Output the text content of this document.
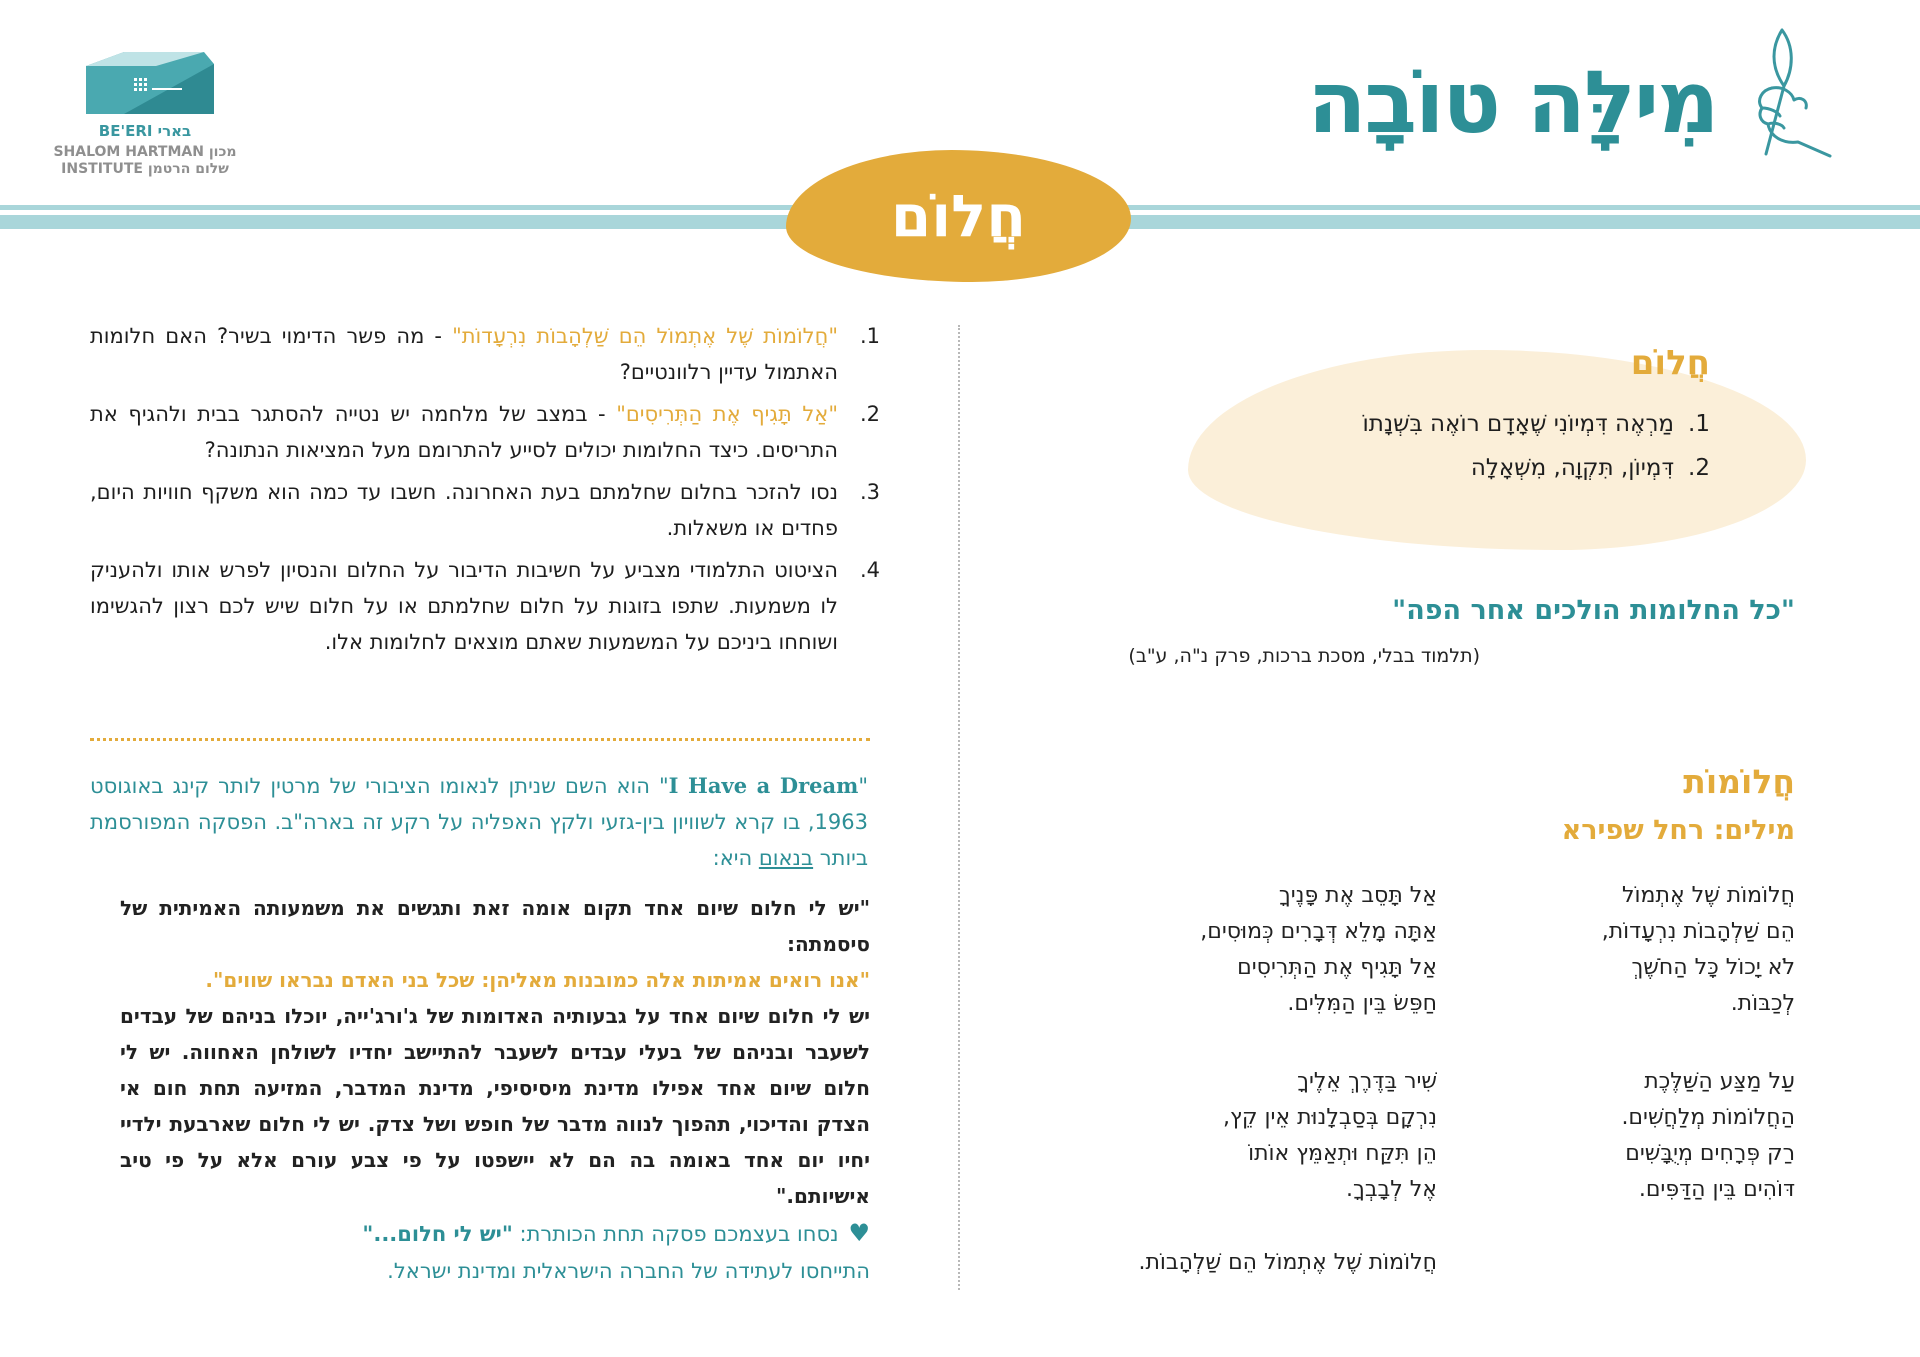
BE'ERI בארי
SHALOM HARTMAN מכון
INSTITUTE שלום הרטמן
מִילָּה טוֹבָה
חֲלוֹם
חֲלוֹם
1.
מַרְאֶה דִּמְיוֹנִי שֶׁאָדָם רוֹאֶה בִּשְׁנָתוֹ
2.
דִּמְיוֹן, תִּקְוָה, מִשְׁאָלָה
"כל החלומות הולכים אחר הפה"
(תלמוד בבלי, מסכת ברכות, פרק נ"ה, ע"ב)
חֲלוֹמוֹת
מילים: רחל שפירא
חֲלוֹמוֹת שֶׁל אֶתְמוֹל
הֵם שַׁלְהָבוֹת נִרְעָדוֹת,
לֹא יָכוֹל כָּל הַחֹשֶׁךְ
לְכַבּוֹת.
עַל מַצַּע הַשַּׁלֶּכֶת
הַחֲלוֹמוֹת מְלַחֲשִׁים.
רַק פְּרָחִים מְיֻבָּשִׁים
דּוֹהִים בֵּין הַדַּפִּים.
אַל תָּסֵב אֶת פָּנֶיךָ
אַתָּה מָלֵא דְּבָרִים כְּמוּסִים,
אַל תָּגִיף אֶת הַתְּרִיסִים
חַפֵּשׂ בֵּין הַמִּלִּים.
שִׁיר בַּדֶּרֶךְ אֵלֶיךָ
נִרְקָם בְּסַבְלָנוּת אֵין קֵץ,
הֵן תִּקַּח וּתְאַמֵּץ אוֹתוֹ
אֶל לְבָבְךָ.
חֲלוֹמוֹת שֶׁל אֶתְמוֹל הֵם שַׁלְהָבוֹת.
1.
"חֲלוֹמוֹת שֶׁל אֶתְמוֹל הֵם שַׁלְהָבוֹת נִרְעָדוֹת" - מה פשר הדימוי בשיר? האם חלומות האתמול עדיין רלוונטיים?
2.
"אַל תָּגִיף אֶת הַתְּרִיסִים" - במצב של מלחמה יש נטייה להסתגר בבית ולהגיף את התריסים. כיצד החלומות יכולים לסייע להתרומם מעל המציאות הנתונה?
3.
נסו להזכר בחלום שחלמתם בעת האחרונה. חשבו עד כמה הוא משקף חוויות היום, פחדים או משאלות.
4.
הציטוט התלמודי מצביע על חשיבות הדיבור על החלום והנסיון לפרש אותו ולהעניק לו משמעות. שתפו בזוגות על חלום שחלמתם או על חלום שיש לכם רצון להגשימו ושוחחו ביניכם על המשמעות שאתם מוצאים לחלומות אלו.
"I Have a Dream" הוא השם שניתן לנאומו הציבורי של מרטין לותר קינג באוגוסט 1963, בו קרא לשוויון בין-גזעי ולקץ האפליה על רקע זה בארה"ב. הפסקה המפורסמת ביותר בנאום היא:
"יש לי חלום שיום אחד תקום אומה זאת ותגשים את משמעותה האמיתית של סיסמתה:
"אנו רואים אמיתות אלה כמובנות מאליהן: שכל בני האדם נבראו שווים".
יש לי חלום שיום אחד על גבעותיה האדומות של ג'ורג'ייה, יוכלו בניהם של עבדים לשעבר ובניהם של בעלי עבדים לשעבר להתיישב יחדיו לשולחן האחווה. יש לי חלום שיום אחד אפילו מדינת מיסיסיפי, מדינת המדבר, המזיעה תחת חום אי הצדק והדיכוי, תהפוך לנווה מדבר של חופש ושל צדק. יש לי חלום שארבעת ילדיי יחיו יום אחד באומה בה הם לא יישפטו על פי צבע עורם אלא על פי טיב אישיותם."
♥נסחו בעצמכם פסקה תחת הכותרת: "יש לי חלום..."
התייחסו לעתידה של החברה הישראלית ומדינת ישראל.
